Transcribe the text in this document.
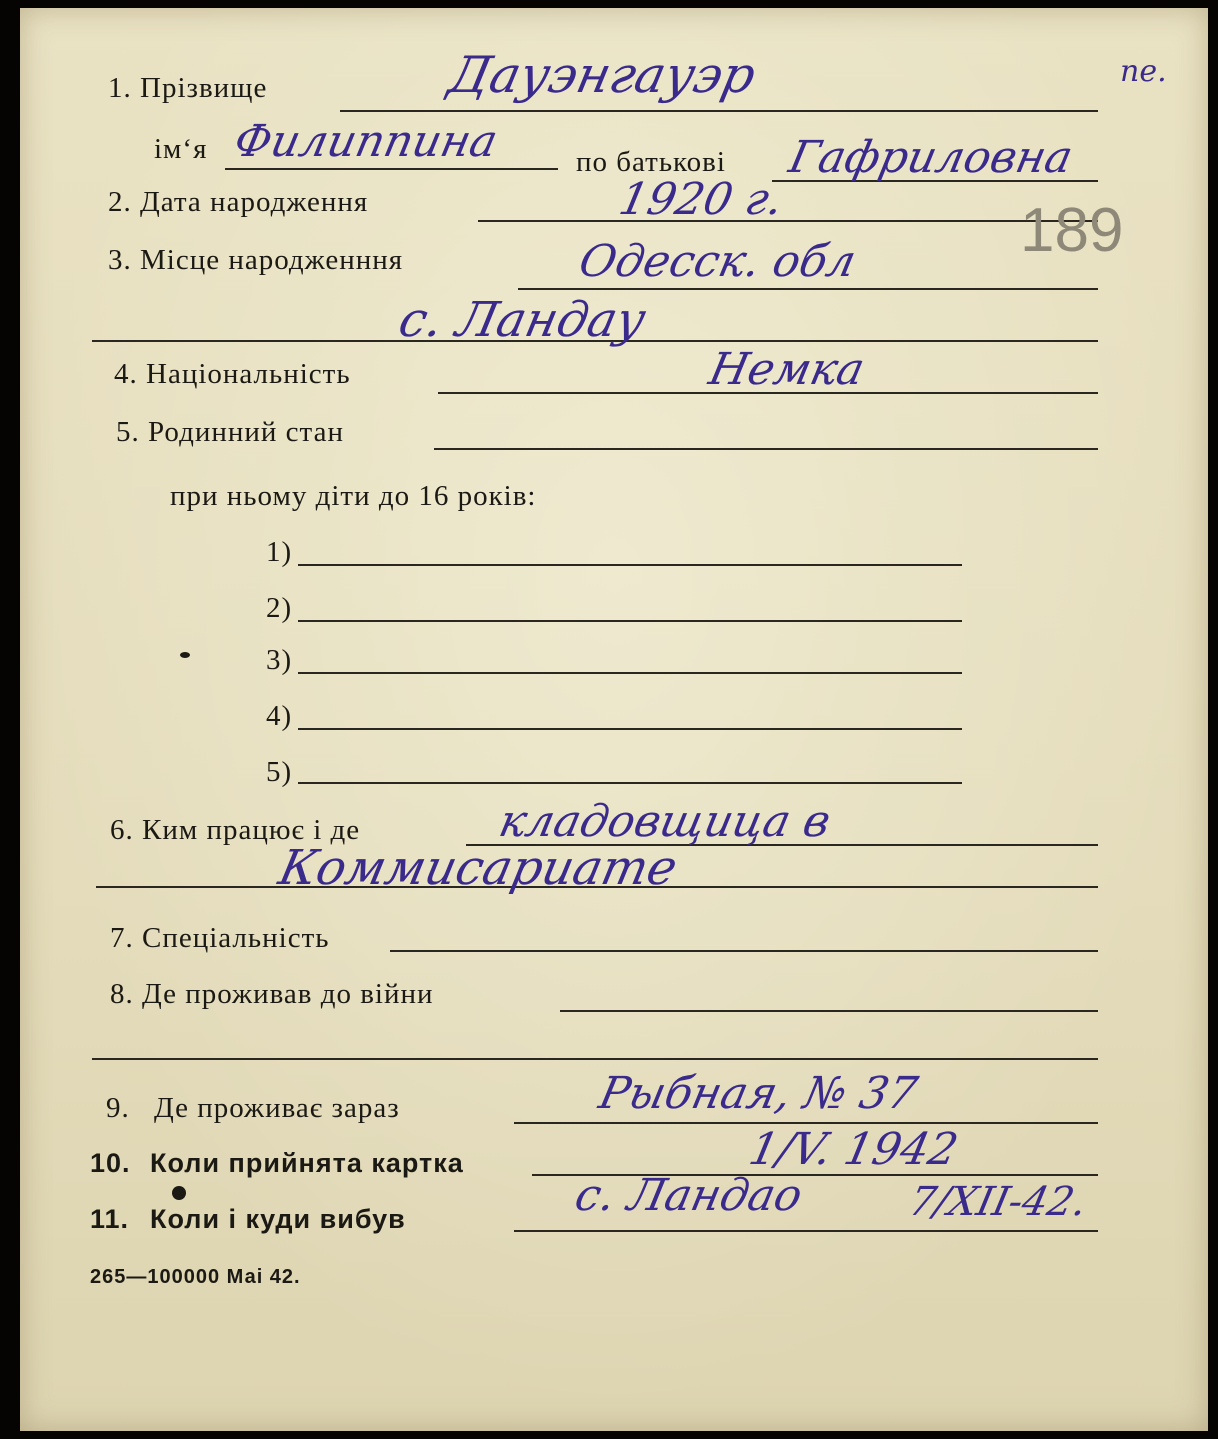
пе.
1. Прізвище	Дауэнгауэр
ім‘я Филиппина	по батькові Гафриловна
2. Дата народження	1920 г.	189
3. Місце народженння	Одесск. обл
с. Ландау
4. Національність	Немка
5. Родинний стан
при ньому діти до 16 років:
1)
2)
3)
4)
5)
6. Ким працює і де	кладовщица в
Коммисариате
7. Спеціальність
8. Де проживав до війни
9. Де проживає зараз	Рыбная, № 37
10. Коли прийнята картка	1/V. 1942
11. Коли і куди вибув	с. Ландао 7/XII-42.
265—100000 Маі 42.
